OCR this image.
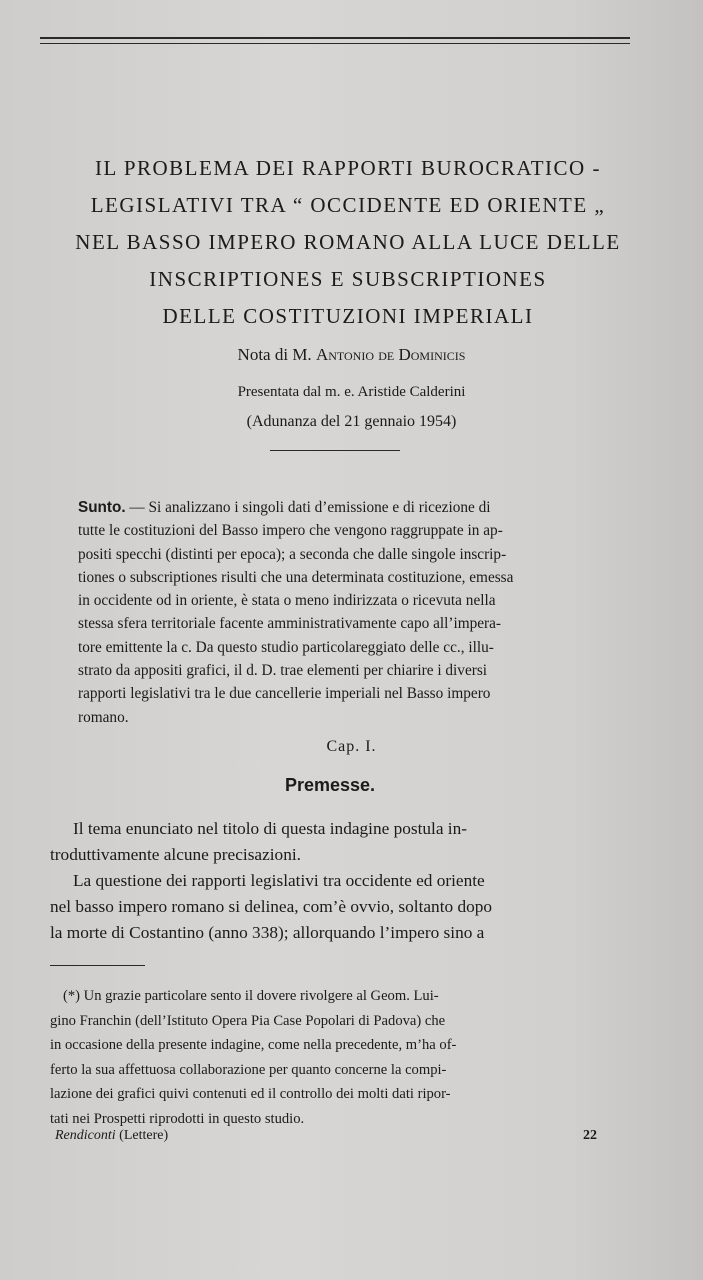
IL PROBLEMA DEI RAPPORTI BUROCRATICO -
LEGISLATIVI TRA “ OCCIDENTE ED ORIENTE „
NEL BASSO IMPERO ROMANO ALLA LUCE DELLE
INSCRIPTIONES E SUBSCRIPTIONES
DELLE COSTITUZIONI IMPERIALI
Nota di M. Antonio de Dominicis
Presentata dal m. e. Aristide Calderini
(Adunanza del 21 gennaio 1954)
Sunto. — Si analizzano i singoli dati d’emissione e di ricezione di
tutte le costituzioni del Basso impero che vengono raggruppate in ap-
positi specchi (distinti per epoca); a seconda che dalle singole inscrip-
tiones o subscriptiones risulti che una determinata costituzione, emessa
in occidente od in oriente, è stata o meno indirizzata o ricevuta nella
stessa sfera territoriale facente amministrativamente capo all’impera-
tore emittente la c. Da questo studio particolareggiato delle cc., illu-
strato da appositi grafici, il d. D. trae elementi per chiarire i diversi
rapporti legislativi tra le due cancellerie imperiali nel Basso impero
romano.
Cap. I.
Premesse.

Il tema enunciato nel titolo di questa indagine postula in-

troduttivamente alcune precisazioni.

La questione dei rapporti legislativi tra occidente ed oriente

nel basso impero romano si delinea, com’è ovvio, soltanto dopo
la morte di Costantino (anno 338); allorquando l’impero sino a
(*) Un grazie particolare sento il dovere rivolgere al Geom. Lui-
gino Franchin (dell’Istituto Opera Pia Case Popolari di Padova) che
in occasione della presente indagine, come nella precedente, m’ha of-
ferto la sua affettuosa collaborazione per quanto concerne la compi-
lazione dei grafici quivi contenuti ed il controllo dei molti dati ripor-
tati nei Prospetti riprodotti in questo studio.
Rendiconti (Lettere)	22
